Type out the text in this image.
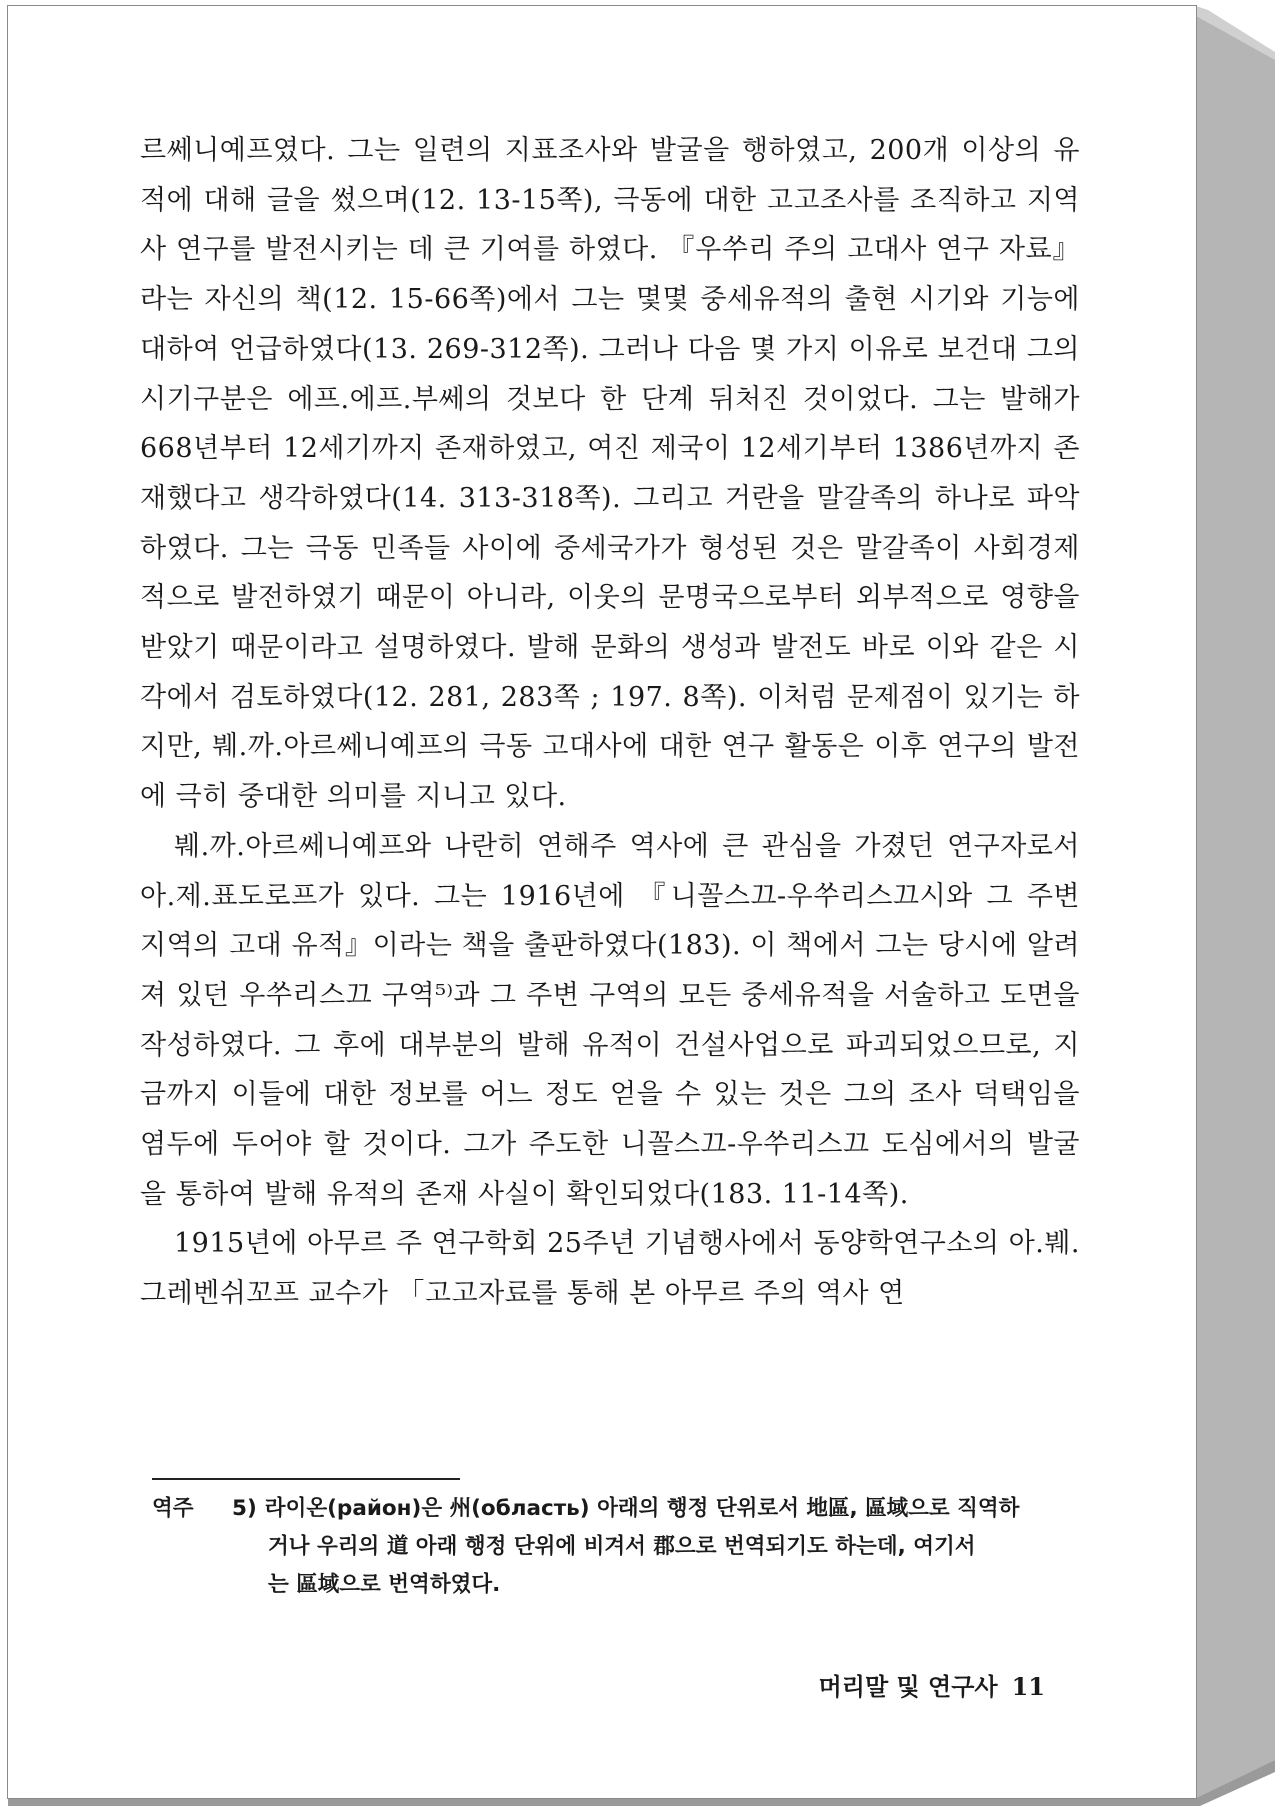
르쎄니예프였다. 그는 일련의 지표조사와 발굴을 행하였고, 200개 이상의 유적에 대해 글을 썼으며(12. 13-15쪽), 극동에 대한 고고조사를 조직하고 지역사 연구를 발전시키는 데 큰 기여를 하였다. 『우쑤리 주의 고대사 연구 자료』라는 자신의 책(12. 15-66쪽)에서 그는 몇몇 중세유적의 출현 시기와 기능에 대하여 언급하였다(13. 269-312쪽). 그러나 다음 몇 가지 이유로 보건대 그의 시기구분은 에프.에프.부쎄의 것보다 한 단계 뒤처진 것이었다. 그는 발해가 668년부터 12세기까지 존재하였고, 여진 제국이 12세기부터 1386년까지 존재했다고 생각하였다(14. 313-318쪽). 그리고 거란을 말갈족의 하나로 파악하였다. 그는 극동 민족들 사이에 중세국가가 형성된 것은 말갈족이 사회경제적으로 발전하였기 때문이 아니라, 이웃의 문명국으로부터 외부적으로 영향을 받았기 때문이라고 설명하였다. 발해 문화의 생성과 발전도 바로 이와 같은 시각에서 검토하였다(12. 281, 283쪽 ; 197. 8쪽). 이처럼 문제점이 있기는 하지만, 붸.까.아르쎄니예프의 극동 고대사에 대한 연구 활동은 이후 연구의 발전에 극히 중대한 의미를 지니고 있다.

붸.까.아르쎄니예프와 나란히 연해주 역사에 큰 관심을 가졌던 연구자로서 아.제.표도로프가 있다. 그는 1916년에 『니꼴스끄-우쑤리스끄시와 그 주변 지역의 고대 유적』이라는 책을 출판하였다(183). 이 책에서 그는 당시에 알려져 있던 우쑤리스끄 구역⁵⁾과 그 주변 구역의 모든 중세유적을 서술하고 도면을 작성하였다. 그 후에 대부분의 발해 유적이 건설사업으로 파괴되었으므로, 지금까지 이들에 대한 정보를 어느 정도 얻을 수 있는 것은 그의 조사 덕택임을 염두에 두어야 할 것이다. 그가 주도한 니꼴스끄-우쑤리스끄 도심에서의 발굴을 통하여 발해 유적의 존재 사실이 확인되었다(183. 11-14쪽).

1915년에 아무르 주 연구학회 25주년 기념행사에서 동양학연구소의 아.붸.그레벤쉬꼬프 교수가 「고고자료를 통해 본 아무르 주의 역사 연

역주	5) 라이온(район)은 州(область) 아래의 행정 단위로서 地區, 區域으로 직역하
거나 우리의 道 아래 행정 단위에 비겨서 郡으로 번역되기도 하는데, 여기서
는 區域으로 번역하였다.
머리말 및 연구사 11
